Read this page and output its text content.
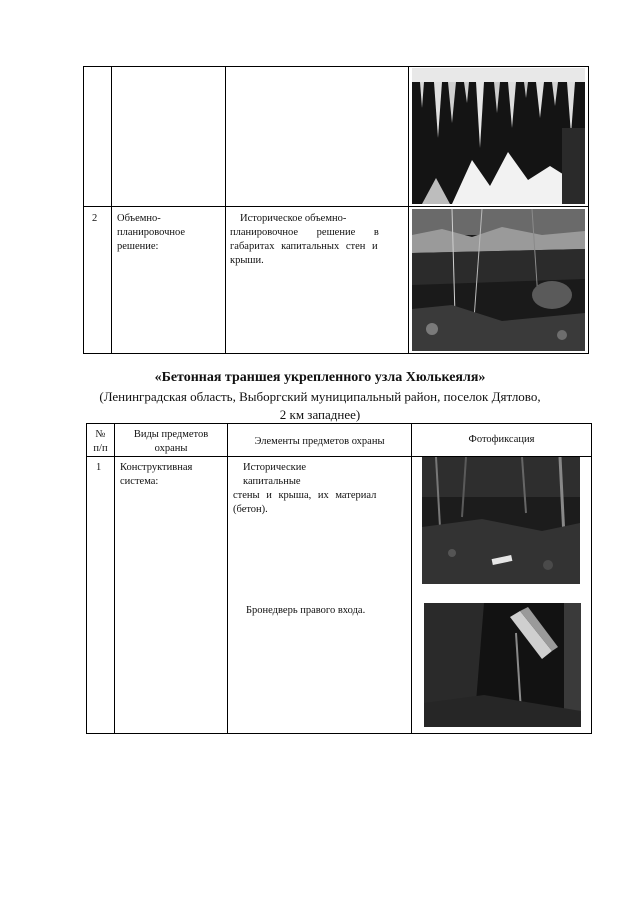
2 Объемно-
планировочное
решение:
Историческое объемно-
планировочное решение в
габаритах капитальных стен и
крыши.
«Бетонная траншея укрепленного узла Хюлькеяля»
(Ленинградская область, Выборгский муниципальный район, поселок Дятлово,
2 км западнее)
№
п/п
Виды предметов
охраны
Элементы предметов охраны	Фотофиксация
1 Конструктивная
система:
Исторические капитальные
стены и крыша, их материал
(бетон).
Бронедверь правого входа.
